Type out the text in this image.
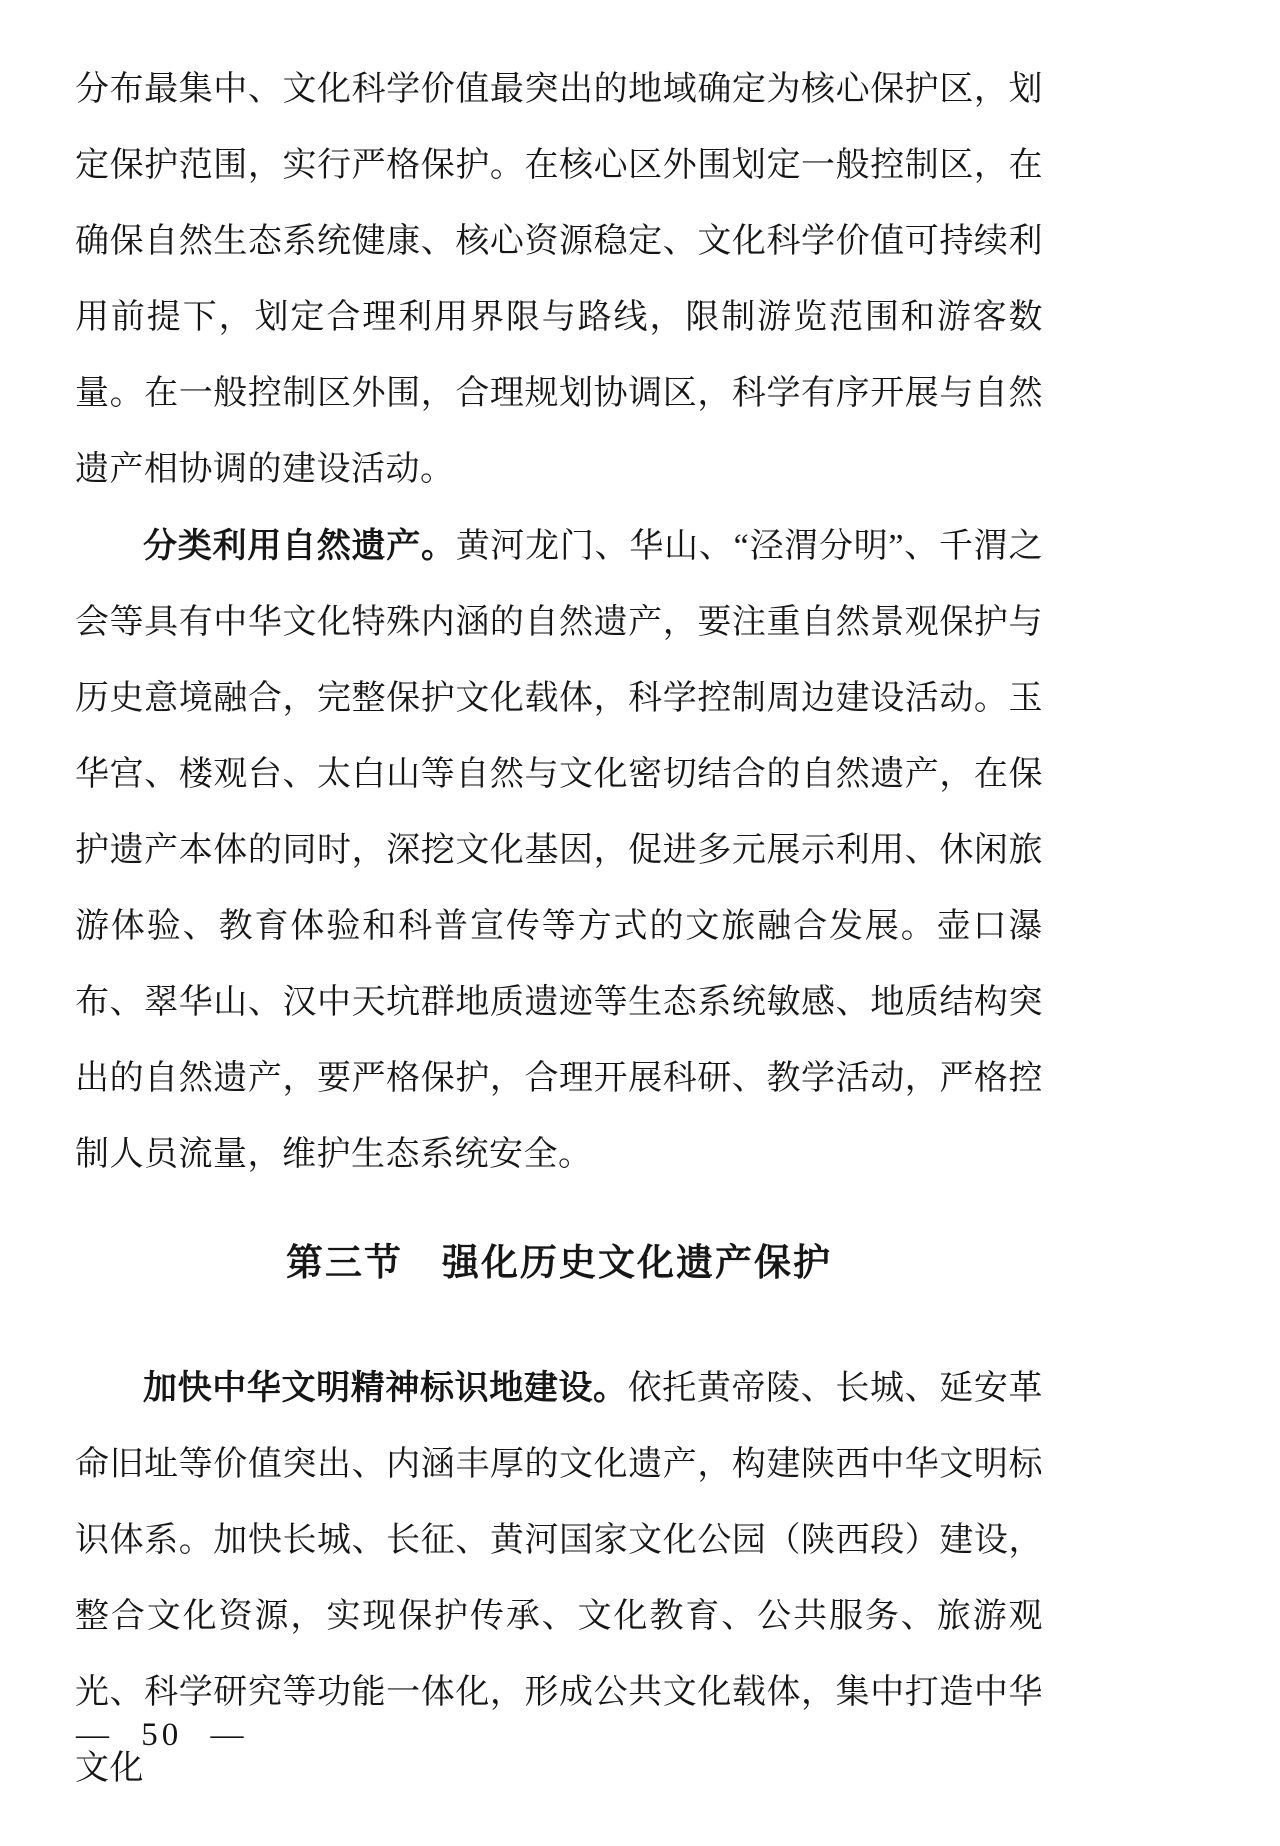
分布最集中、文化科学价值最突出的地域确定为核心保护区，划定保护范围，实行严格保护。在核心区外围划定一般控制区，在确保自然生态系统健康、核心资源稳定、文化科学价值可持续利用前提下，划定合理利用界限与路线，限制游览范围和游客数量。在一般控制区外围，合理规划协调区，科学有序开展与自然遗产相协调的建设活动。

分类利用自然遗产。黄河龙门、华山、“泾渭分明”、千渭之会等具有中华文化特殊内涵的自然遗产，要注重自然景观保护与历史意境融合，完整保护文化载体，科学控制周边建设活动。玉华宫、楼观台、太白山等自然与文化密切结合的自然遗产，在保护遗产本体的同时，深挖文化基因，促进多元展示利用、休闲旅游体验、教育体验和科普宣传等方式的文旅融合发展。壶口瀑布、翠华山、汉中天坑群地质遗迹等生态系统敏感、地质结构突出的自然遗产，要严格保护，合理开展科研、教学活动，严格控制人员流量，维护生态系统安全。

第三节　强化历史文化遗产保护

加快中华文明精神标识地建设。依托黄帝陵、长城、延安革命旧址等价值突出、内涵丰厚的文化遗产，构建陕西中华文明标识体系。加快长城、长征、黄河国家文化公园（陕西段）建设，整合文化资源，实现保护传承、文化教育、公共服务、旅游观光、科学研究等功能一体化，形成公共文化载体，集中打造中华文化

— 50 —
